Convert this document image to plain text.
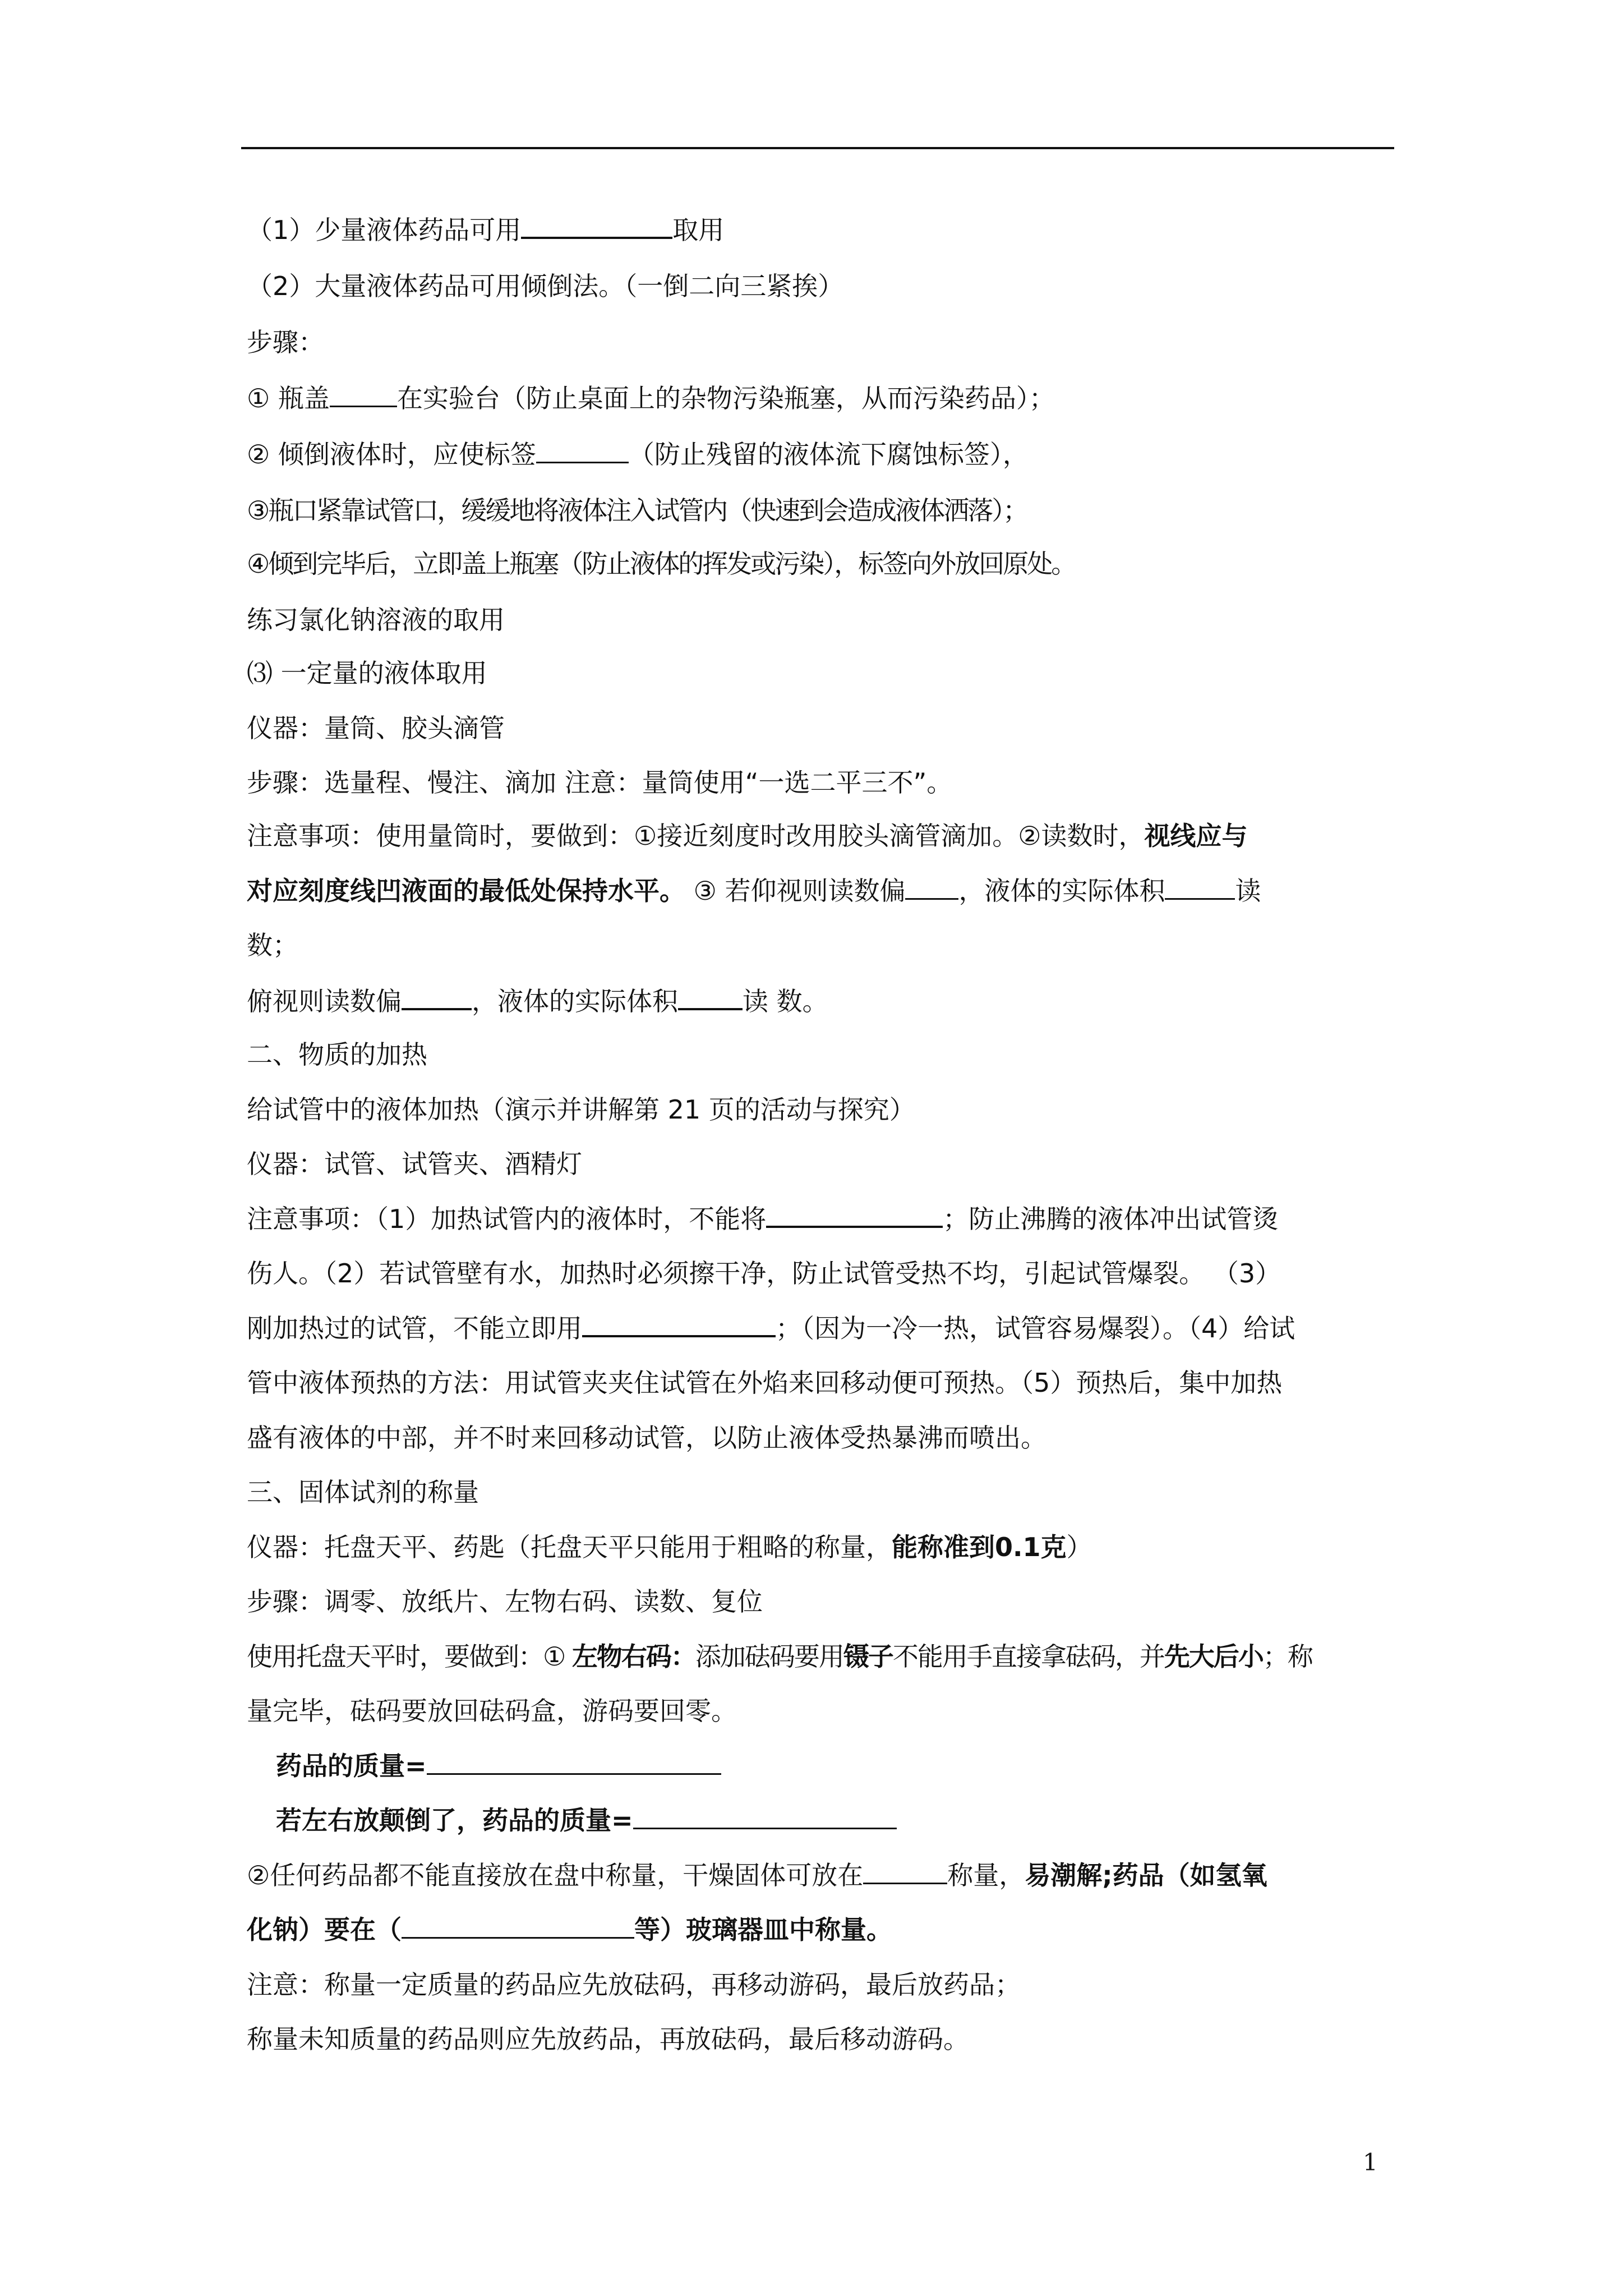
（1）少量液体药品可用	取用
（2）大量液体药品可用倾倒法。（一倒二向三紧挨）
步骤：
① 瓶盖	在实验台（防止桌面上的杂物污染瓶塞，从而污染药品）；
② 倾倒液体时，应使标签	（防止残留的液体流下腐蚀标签），
③瓶口紧靠试管口，缓缓地将液体注入试管内（快速到会造成液体洒落）；
④倾到完毕后，立即盖上瓶塞（防止液体的挥发或污染），标签向外放回原处。
练习氯化钠溶液的取用
⑶ 一定量的液体取用
仪器：量筒、胶头滴管
步骤：选量程、慢注、滴加 注意：量筒使用“一选二平三不”。
注意事项：使用量筒时，要做到：①接近刻度时改用胶头滴管滴加。②读数时，视线应与
对应刻度线凹液面的最低处保持水平。 ③ 若仰视则读数偏 ，液体的实际体积	读
数；
俯视则读数偏	，液体的实际体积	读 数。
二、物质的加热
给试管中的液体加热（演示并讲解第 21 页的活动与探究）
仪器：试管、试管夹、酒精灯
注意事项：（1）加热试管内的液体时，不能将	；防止沸腾的液体冲出试管烫
伤人。（2）若试管壁有水，加热时必须擦干净，防止试管受热不均，引起试管爆裂。 （3）
刚加热过的试管，不能立即用	；（因为一冷一热，试管容易爆裂）。（4）给试
管中液体预热的方法：用试管夹夹住试管在外焰来回移动便可预热。（5）预热后，集中加热
盛有液体的中部，并不时来回移动试管，以防止液体受热暴沸而喷出。
三、固体试剂的称量
仪器：托盘天平、药匙（托盘天平只能用于粗略的称量，能称准到0.1克）
步骤：调零、放纸片、左物右码、读数、复位
使用托盘天平时，要做到：① 左物右码：添加砝码要用镊子不能用手直接拿砝码，并先大后小；称
量完毕，砝码要放回砝码盒，游码要回零。
药品的质量=
若左右放颠倒了，药品的质量=
②任何药品都不能直接放在盘中称量，干燥固体可放在	称量，易潮解;药品（如氢氧
化钠）要在（	等）玻璃器皿中称量。
注意：称量一定质量的药品应先放砝码，再移动游码，最后放药品；
称量未知质量的药品则应先放药品，再放砝码，最后移动游码。
1
